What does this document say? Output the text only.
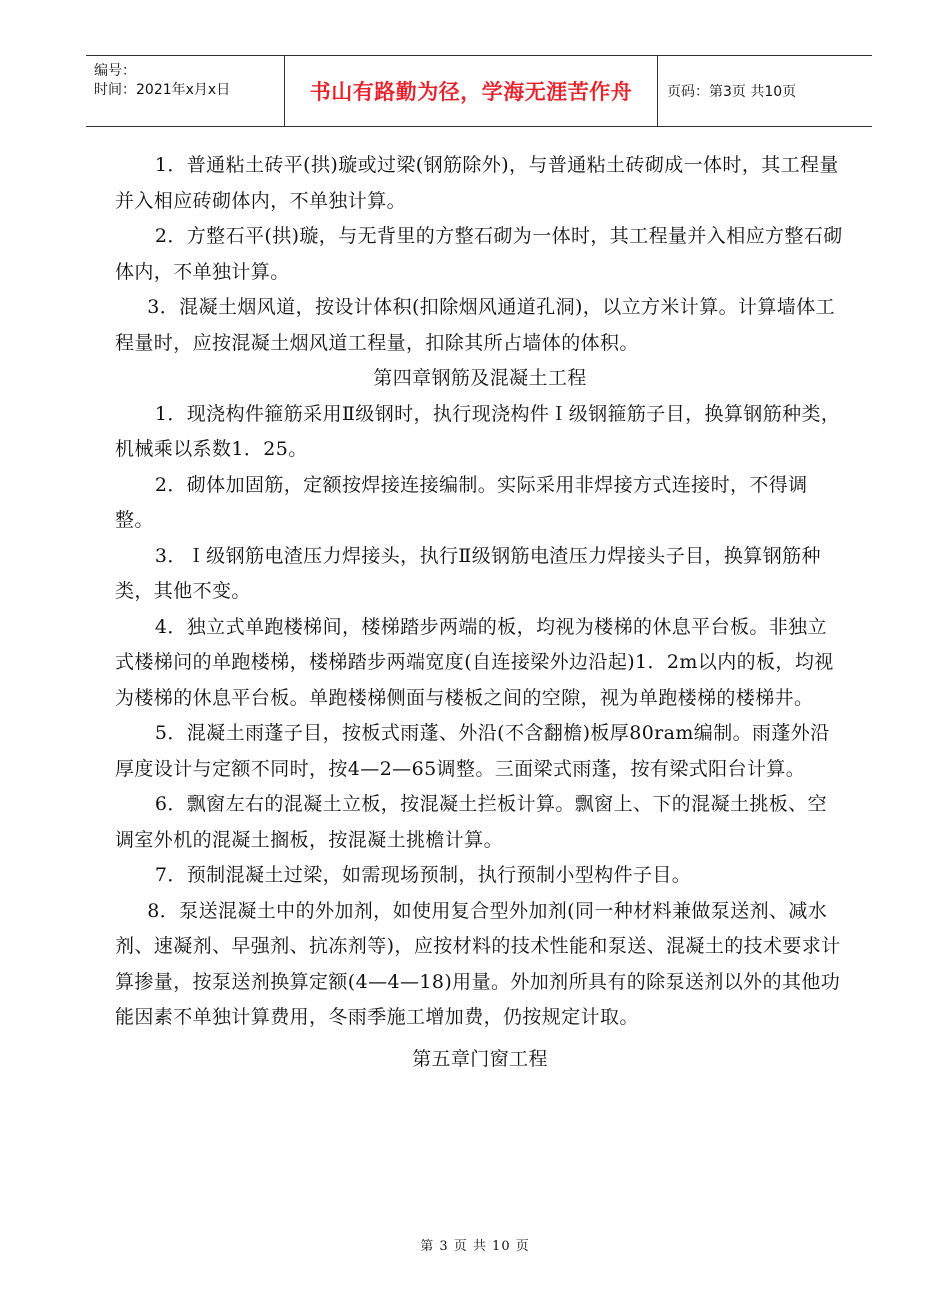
编号：
时间：2021年x月x日	书山有路勤为径，学海无涯苦作舟	页码：第3页 共10页

1．普通粘土砖平(拱)璇或过梁(钢筋除外)，与普通粘土砖砌成一体时，其工程量并入相应砖砌体内，不单独计算。

2．方整石平(拱)璇，与无背里的方整石砌为一体时，其工程量并入相应方整石砌体内，不单独计算。

3．混凝土烟风道，按设计体积(扣除烟风通道孔洞)，以立方米计算。计算墙体工程量时，应按混凝土烟风道工程量，扣除其所占墙体的体积。

第四章钢筋及混凝土工程

1．现浇构件箍筋采用Ⅱ级钢时，执行现浇构件Ｉ级钢箍筋子目，换算钢筋种类，机械乘以系数1．25。

2．砌体加固筋，定额按焊接连接编制。实际采用非焊接方式连接时，不得调整。

3．Ｉ级钢筋电渣压力焊接头，执行Ⅱ级钢筋电渣压力焊接头子目，换算钢筋种类，其他不变。

4．独立式单跑楼梯间，楼梯踏步两端的板，均视为楼梯的休息平台板。非独立式楼梯问的单跑楼梯，楼梯踏步两端宽度(自连接梁外边沿起)1．2m以内的板，均视为楼梯的休息平台板。单跑楼梯侧面与楼板之间的空隙，视为单跑楼梯的楼梯井。

5．混凝土雨蓬子目，按板式雨蓬、外沿(不含翻檐)板厚80ram编制。雨蓬外沿厚度设计与定额不同时，按4—2—65调整。三面梁式雨蓬，按有梁式阳台计算。

6．飘窗左右的混凝土立板，按混凝土拦板计算。飘窗上、下的混凝土挑板、空调室外机的混凝土搁板，按混凝土挑檐计算。

7．预制混凝土过梁，如需现场预制，执行预制小型构件子目。

8．泵送混凝土中的外加剂，如使用复合型外加剂(同一种材料兼做泵送剂、减水剂、速凝剂、早强剂、抗冻剂等)，应按材料的技术性能和泵送、混凝土的技术要求计算掺量，按泵送剂换算定额(4—4—18)用量。外加剂所具有的除泵送剂以外的其他功能因素不单独计算费用，冬雨季施工增加费，仍按规定计取。

第五章门窗工程

第 3 页 共 10 页
